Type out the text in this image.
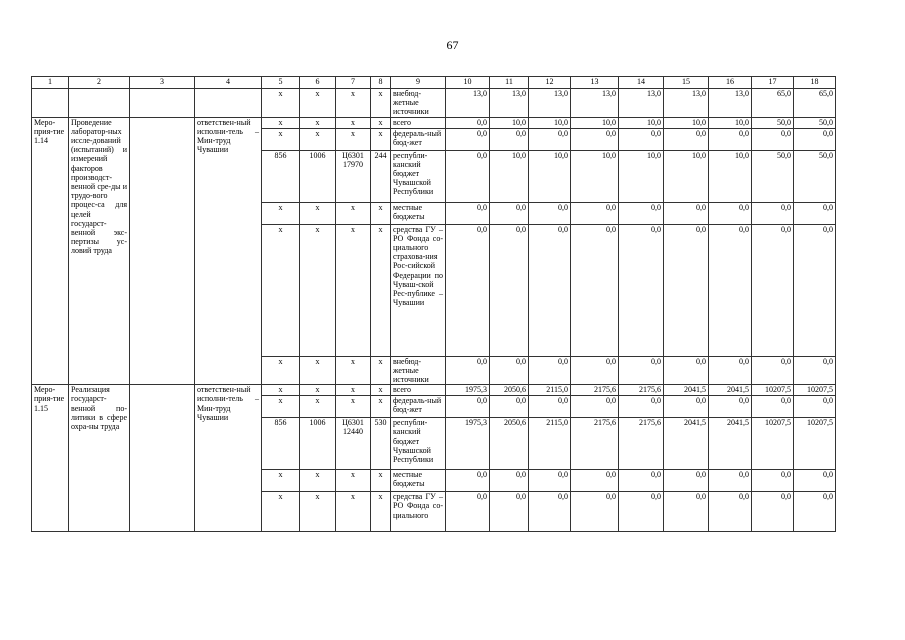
67
1	2	3	4	5	6	7	8	9	10	11	12	13	14	15	16	17	18
				x	x	x	x	внебюд-жетные источники	13,0	13,0	13,0	13,0	13,0	13,0	13,0	65,0	65,0
Меро-прия-тие 1.14	Проведение лаборатор-ных иссле-дований (испытаний) и измерений факторов производст-венной сре-ды и трудо-вого процес-са для целей государст-венной экс-пертизы ус-ловий труда		ответствен-ный исполни-тель – Мин-труд Чувашии	x	x	x	x	всего	0,0	10,0	10,0	10,0	10,0	10,0	10,0	50,0	50,0
				x	x	x	x	федераль-ный бюд-жет	0,0	0,0	0,0	0,0	0,0	0,0	0,0	0,0	0,0
				856	1006	Ц6301 17970	244	республи-канский бюджет Чувашской Республики	0,0	10,0	10,0	10,0	10,0	10,0	10,0	50,0	50,0
				x	x	x	x	местные бюджеты	0,0	0,0	0,0	0,0	0,0	0,0	0,0	0,0	0,0
				x	x	x	x	средства ГУ – РО Фонда со-циального страхова-ния Рос-сийской Федерации по Чуваш-ской Рес-публике – Чувашии	0,0	0,0	0,0	0,0	0,0	0,0	0,0	0,0	0,0
				x	x	x	x	внебюд-жетные источники	0,0	0,0	0,0	0,0	0,0	0,0	0,0	0,0	0,0
Меро-прия-тие 1.15	Реализация государст-венной по-литики в сфере охра-ны труда		ответствен-ный исполни-тель – Мин-труд Чувашии	x	x	x	x	всего	1975,3	2050,6	2115,0	2175,6	2175,6	2041,5	2041,5	10207,5	10207,5
				x	x	x	x	федераль-ный бюд-жет	0,0	0,0	0,0	0,0	0,0	0,0	0,0	0,0	0,0
				856	1006	Ц6301 12440	530	республи-канский бюджет Чувашской Республики	1975,3	2050,6	2115,0	2175,6	2175,6	2041,5	2041,5	10207,5	10207,5
				x	x	x	x	местные бюджеты	0,0	0,0	0,0	0,0	0,0	0,0	0,0	0,0	0,0
				x	x	x	x	средства ГУ – РО Фонда со-циального	0,0	0,0	0,0	0,0	0,0	0,0	0,0	0,0	0,0
